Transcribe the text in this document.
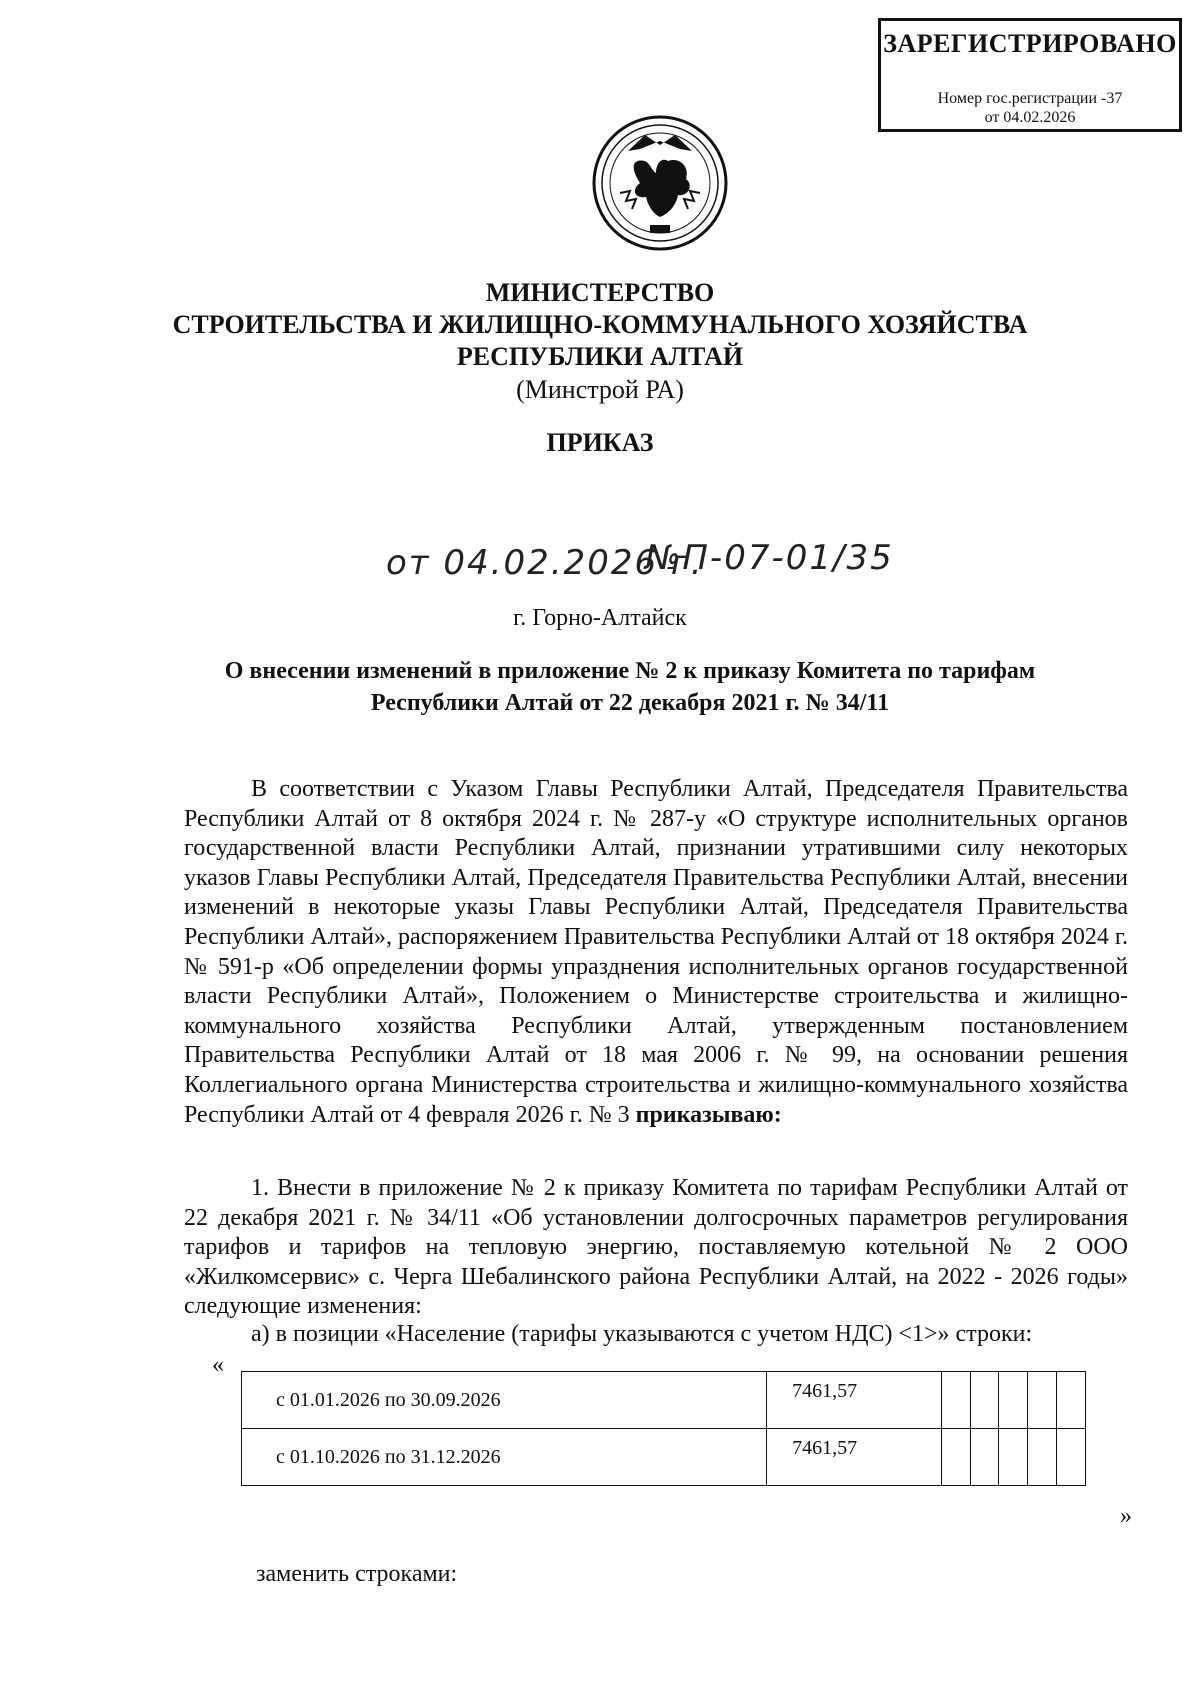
ЗАРЕГИСТРИРОВАНО
Номер гос.регистрации -37
от 04.02.2026
МИНИСТЕРСТВО
СТРОИТЕЛЬСТВА И ЖИЛИЩНО-КОММУНАЛЬНОГО ХОЗЯЙСТВА
РЕСПУБЛИКИ АЛТАЙ
(Минстрой РА)
ПРИКАЗ
от 04.02.2026 г.
№П-07-01/35
г. Горно-Алтайск
О внесении изменений в приложение № 2 к приказу Комитета по тарифам
Республики Алтай от 22 декабря 2021 г. № 34/11
В соответствии с Указом Главы Республики Алтай, Председателя Правительства Республики Алтай от 8 октября 2024 г. № 287-у «О структуре исполнительных органов государственной власти Республики Алтай, признании утратившими силу некоторых указов Главы Республики Алтай, Председателя Правительства Республики Алтай, внесении изменений в некоторые указы Главы Республики Алтай, Председателя Правительства Республики Алтай», распоряжением Правительства Республики Алтай от 18 октября 2024 г. № 591-р «Об определении формы упразднения исполнительных органов государственной власти Республики Алтай», Положением о Министерстве строительства и жилищно-коммунального хозяйства Республики Алтай, утвержденным постановлением Правительства Республики Алтай от 18 мая 2006 г. № 99, на основании решения Коллегиального органа Министерства строительства и жилищно-коммунального хозяйства Республики Алтай от 4 февраля 2026 г. № 3 приказываю:
1. Внести в приложение № 2 к приказу Комитета по тарифам Республики Алтай от 22 декабря 2021 г. № 34/11 «Об установлении долгосрочных параметров регулирования тарифов и тарифов на тепловую энергию, поставляемую котельной № 2 ООО «Жилкомсервис» с. Черга Шебалинского района Республики Алтай, на 2022 - 2026 годы» следующие изменения:
а) в позиции «Население (тарифы указываются с учетом НДС) <1>» строки:
«
с 01.01.2026 по 30.09.2026	7461,57					
с 01.10.2026 по 31.12.2026	7461,57					
»
заменить строками:
